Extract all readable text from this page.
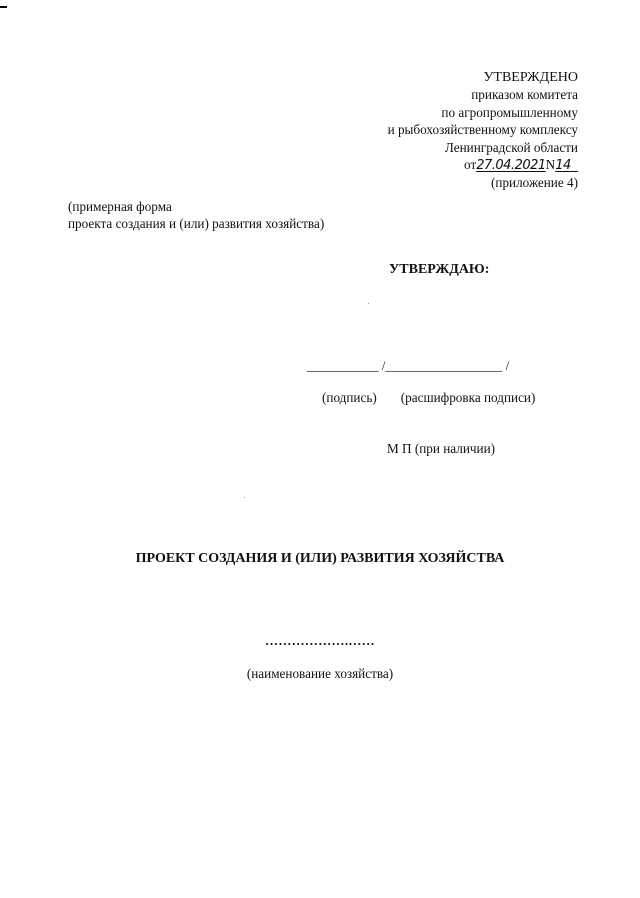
УТВЕРЖДЕНО
приказом комитета
по агропромышленному
и рыбохозяйственному комплексу
Ленинградской области
от27.04.2021N14
(приложение 4)
(примерная форма
проекта создания и (или) развития хозяйства)
УТВЕРЖДАЮ:
___________ /__________________ /
(подпись) (расшифровка подписи)
М П (при наличии)
ПРОЕКТ СОЗДАНИЯ И (ИЛИ) РАЗВИТИЯ ХОЗЯЙСТВА
……………….……
(наименование хозяйства)
